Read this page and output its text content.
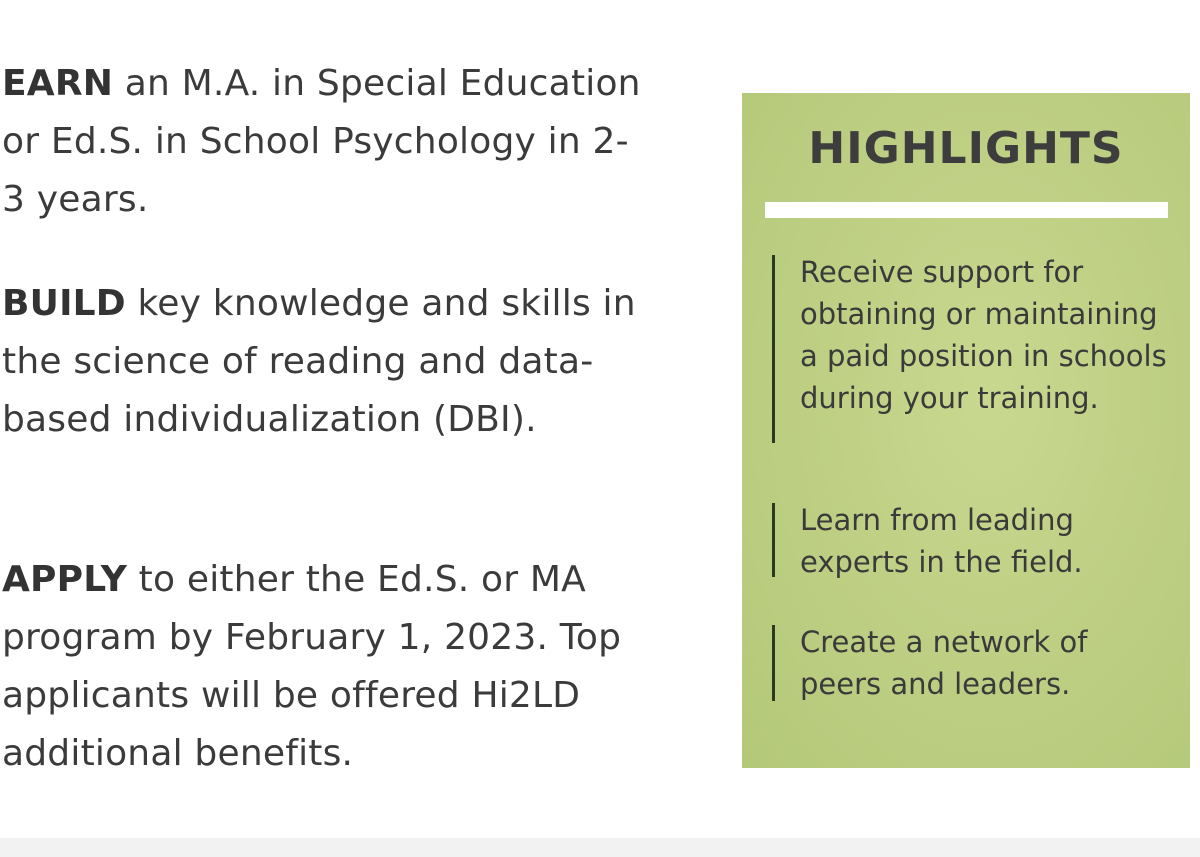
EARN an M.A. in Special Education or Ed.S. in School Psychology in 2-3 years.

BUILD key knowledge and skills in the science of reading and data-based individualization (DBI).

APPLY to either the Ed.S. or MA program by February 1, 2023. Top applicants will be offered Hi2LD additional benefits.

HIGHLIGHTS

Receive support for obtaining or maintaining a paid position in schools during your training.

Learn from leading experts in the field.

Create a network of peers and leaders.
